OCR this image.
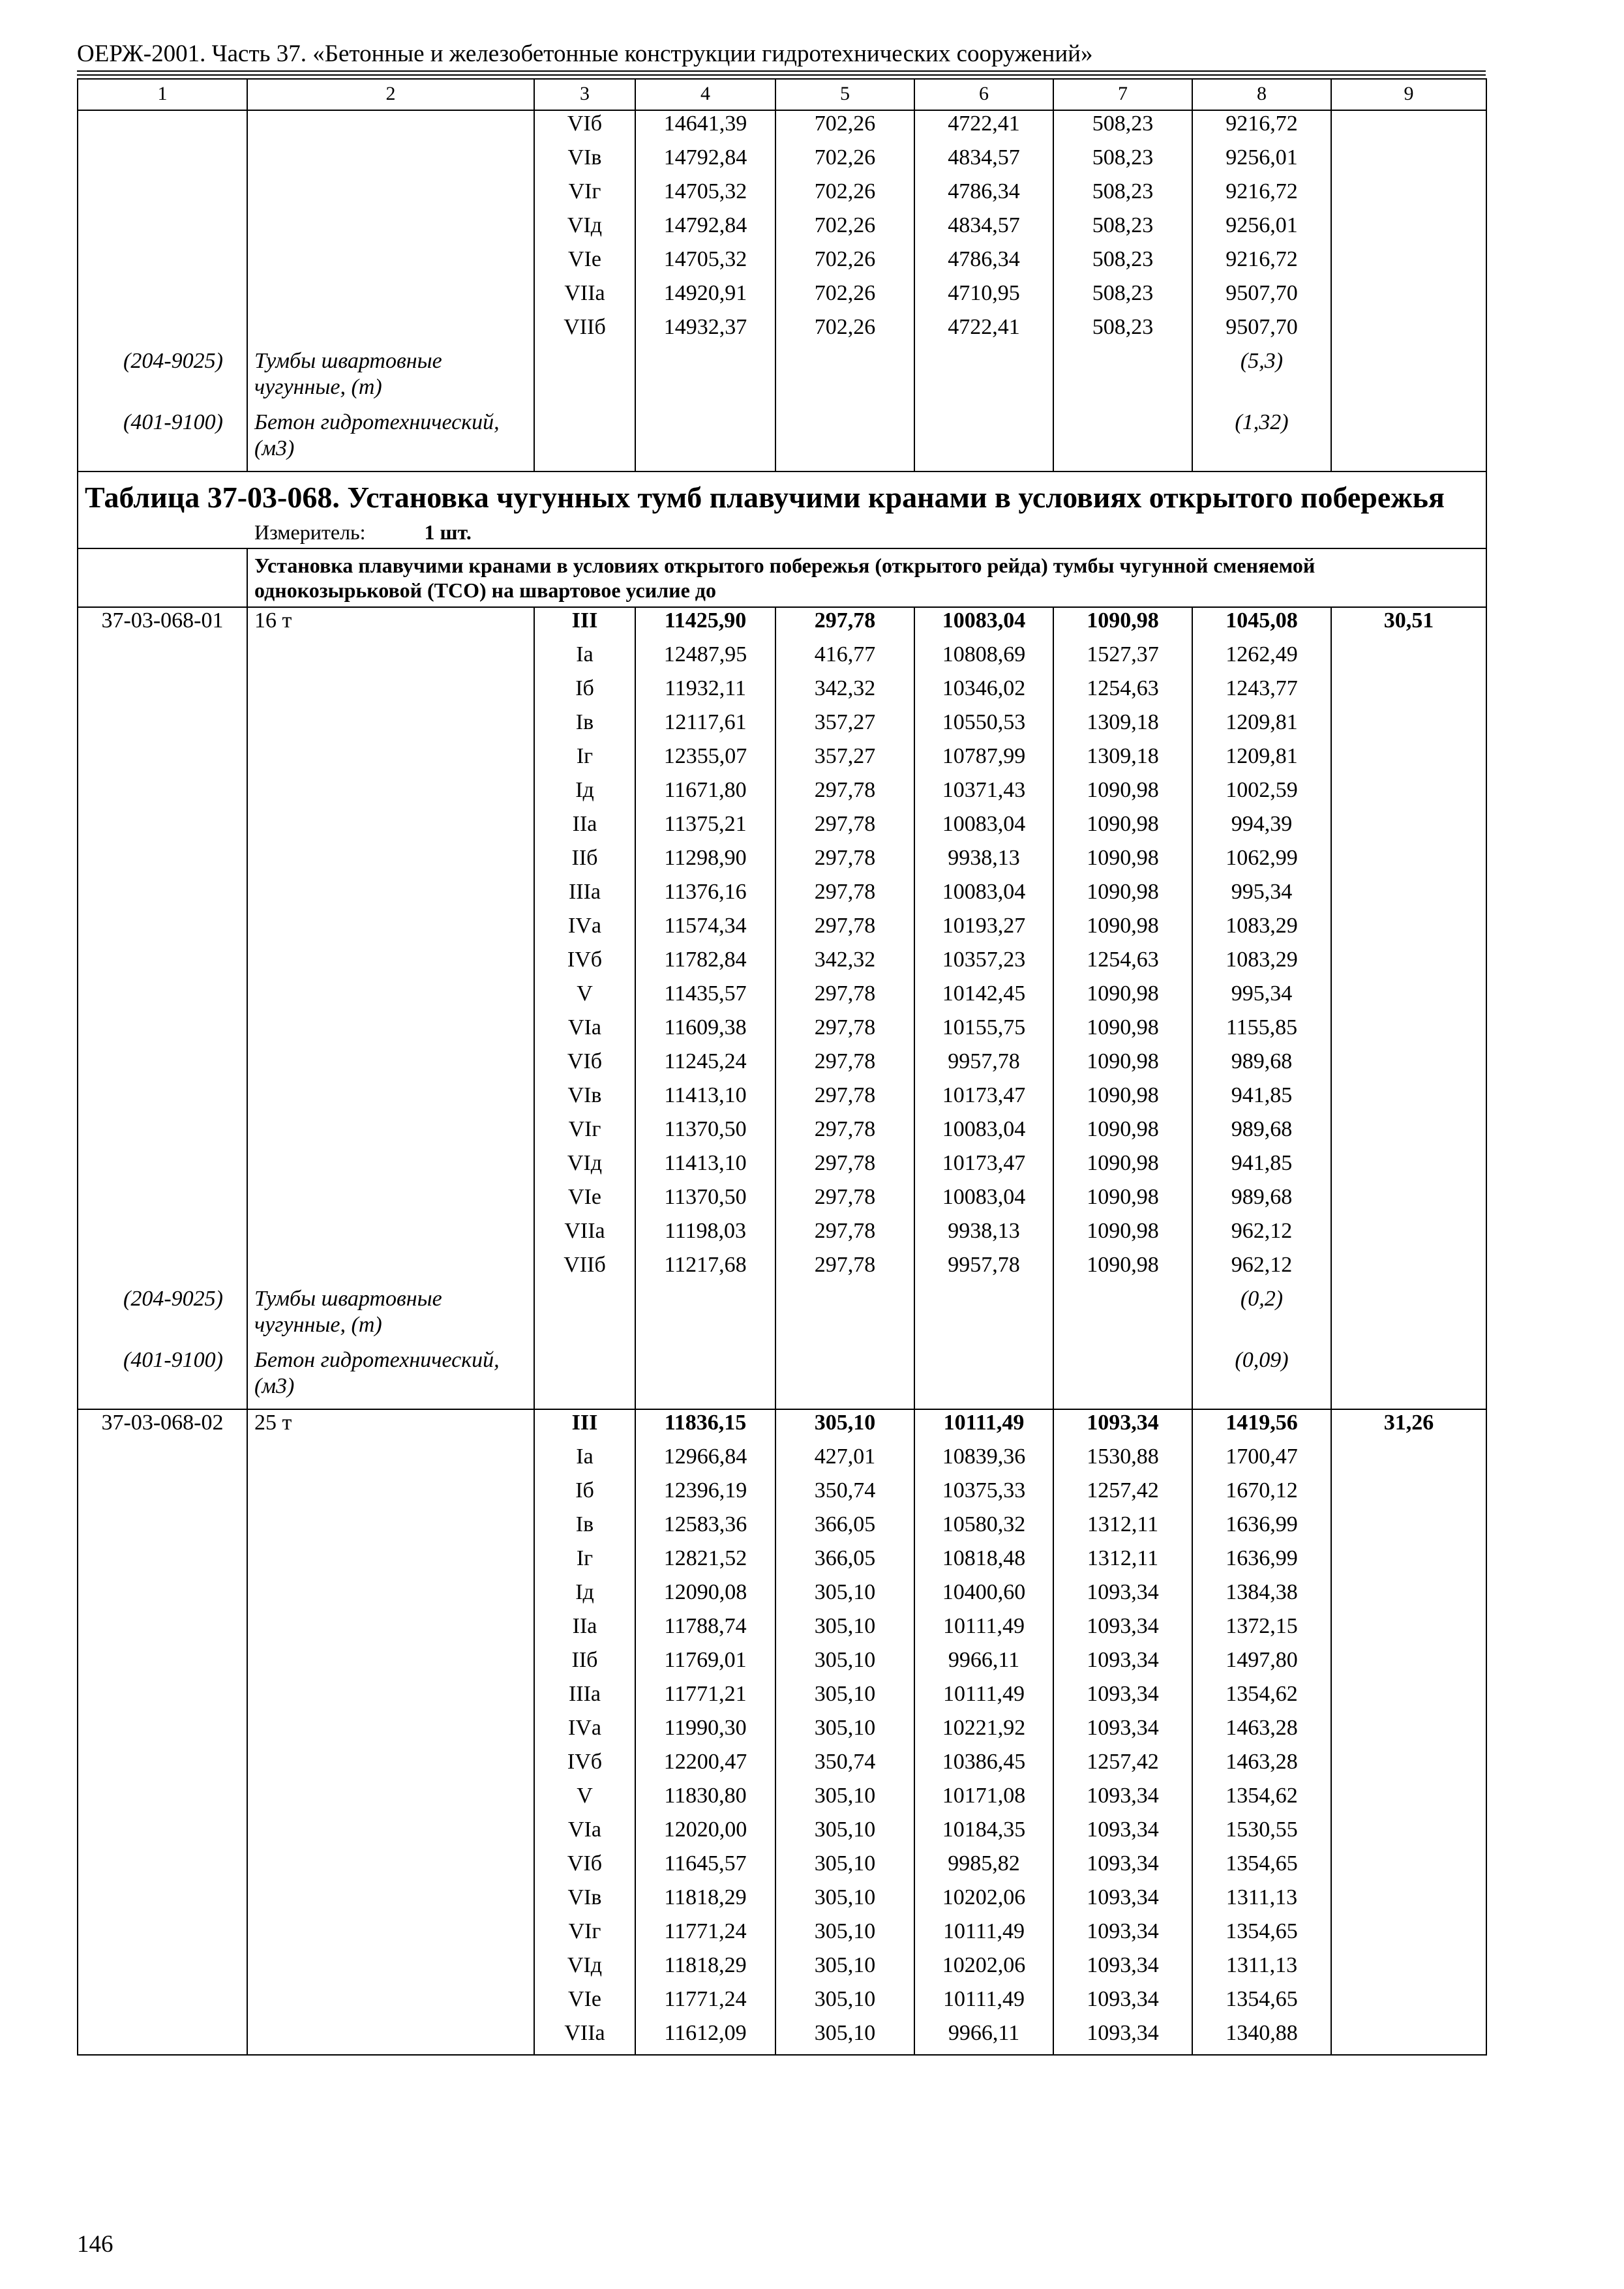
ОЕРЖ-2001. Часть 37. «Бетонные и железобетонные конструкции гидротехнических сооружений»
1	2	3	4	5	6	7	8	9
		VIб	14641,39	702,26	4722,41	508,23	9216,72	
		VIв	14792,84	702,26	4834,57	508,23	9256,01	
		VIг	14705,32	702,26	4786,34	508,23	9216,72	
		VIд	14792,84	702,26	4834,57	508,23	9256,01	
		VIе	14705,32	702,26	4786,34	508,23	9216,72	
		VIIа	14920,91	702,26	4710,95	508,23	9507,70	
		VIIб	14932,37	702,26	4722,41	508,23	9507,70	
(204-9025)	Тумбы швартовные чугунные, (т)						(5,3)	
(401-9100)	Бетон гидротехнический, (м3)						(1,32)	

Таблица 37-03-068. Установка чугунных тумб плавучими кранами в условиях открытого побережья
Измеритель: 1 шт.								

	Установка плавучими кранами в условиях открытого побережья (открытого рейда) тумбы чугунной сменяемой однокозырьковой (ТСО) на швартовое усилие до							
37-03-068-01	16 т	III	11425,90	297,78	10083,04	1090,98	1045,08	30,51
		Iа	12487,95	416,77	10808,69	1527,37	1262,49	
		Iб	11932,11	342,32	10346,02	1254,63	1243,77	
		Iв	12117,61	357,27	10550,53	1309,18	1209,81	
		Iг	12355,07	357,27	10787,99	1309,18	1209,81	
		Iд	11671,80	297,78	10371,43	1090,98	1002,59	
		IIа	11375,21	297,78	10083,04	1090,98	994,39	
		IIб	11298,90	297,78	9938,13	1090,98	1062,99	
		IIIа	11376,16	297,78	10083,04	1090,98	995,34	
		IVа	11574,34	297,78	10193,27	1090,98	1083,29	
		IVб	11782,84	342,32	10357,23	1254,63	1083,29	
		V	11435,57	297,78	10142,45	1090,98	995,34	
		VIа	11609,38	297,78	10155,75	1090,98	1155,85	
		VIб	11245,24	297,78	9957,78	1090,98	989,68	
		VIв	11413,10	297,78	10173,47	1090,98	941,85	
		VIг	11370,50	297,78	10083,04	1090,98	989,68	
		VIд	11413,10	297,78	10173,47	1090,98	941,85	
		VIе	11370,50	297,78	10083,04	1090,98	989,68	
		VIIа	11198,03	297,78	9938,13	1090,98	962,12	
		VIIб	11217,68	297,78	9957,78	1090,98	962,12	
(204-9025)	Тумбы швартовные чугунные, (т)						(0,2)	
(401-9100)	Бетон гидротехнический, (м3)						(0,09)	
37-03-068-02	25 т	III	11836,15	305,10	10111,49	1093,34	1419,56	31,26
		Iа	12966,84	427,01	10839,36	1530,88	1700,47	
		Iб	12396,19	350,74	10375,33	1257,42	1670,12	
		Iв	12583,36	366,05	10580,32	1312,11	1636,99	
		Iг	12821,52	366,05	10818,48	1312,11	1636,99	
		Iд	12090,08	305,10	10400,60	1093,34	1384,38	
		IIа	11788,74	305,10	10111,49	1093,34	1372,15	
		IIб	11769,01	305,10	9966,11	1093,34	1497,80	
		IIIа	11771,21	305,10	10111,49	1093,34	1354,62	
		IVа	11990,30	305,10	10221,92	1093,34	1463,28	
		IVб	12200,47	350,74	10386,45	1257,42	1463,28	
		V	11830,80	305,10	10171,08	1093,34	1354,62	
		VIа	12020,00	305,10	10184,35	1093,34	1530,55	
		VIб	11645,57	305,10	9985,82	1093,34	1354,65	
		VIв	11818,29	305,10	10202,06	1093,34	1311,13	
		VIг	11771,24	305,10	10111,49	1093,34	1354,65	
		VIд	11818,29	305,10	10202,06	1093,34	1311,13	
		VIе	11771,24	305,10	10111,49	1093,34	1354,65	
		VIIа	11612,09	305,10	9966,11	1093,34	1340,88	
146
